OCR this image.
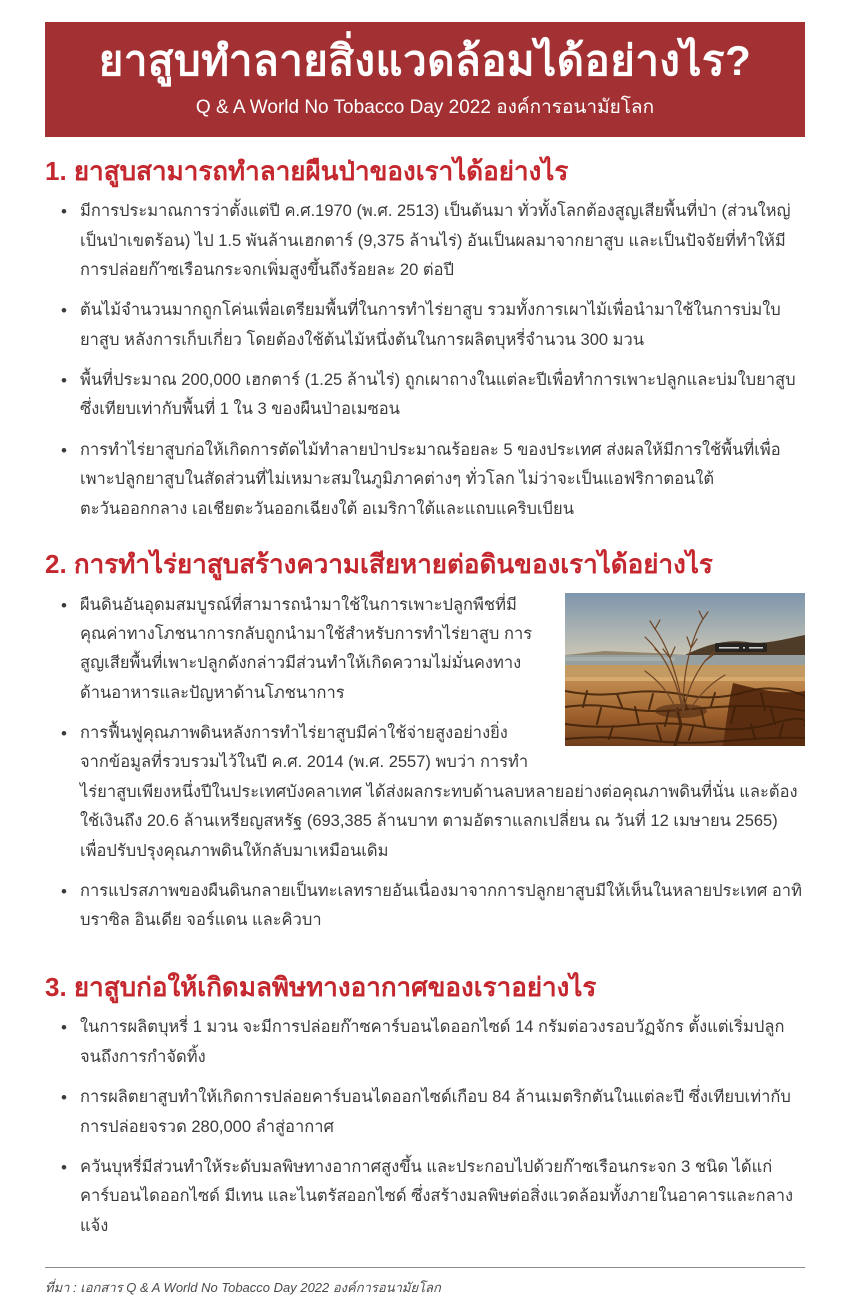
ยาสูบทำลายสิ่งแวดล้อมได้อย่างไร?
Q & A World No Tobacco Day 2022 องค์การอนามัยโลก
1. ยาสูบสามารถทำลายผืนป่าของเราได้อย่างไร
• มีการประมาณการว่าตั้งแต่ปี ค.ศ.1970 (พ.ศ. 2513) เป็นต้นมา ทั่วทั้งโลกต้องสูญเสียพื้นที่ป่า (ส่วนใหญ่เป็นป่าเขตร้อน) ไป 1.5 พันล้านเฮกตาร์ (9,375 ล้านไร่) อันเป็นผลมาจากยาสูบ และเป็นปัจจัยที่ทำให้มีการปล่อยก๊าซเรือนกระจกเพิ่มสูงขึ้นถึงร้อยละ 20 ต่อปี
• ต้นไม้จำนวนมากถูกโค่นเพื่อเตรียมพื้นที่ในการทำไร่ยาสูบ รวมทั้งการเผาไม้เพื่อนำมาใช้ในการบ่มใบยาสูบ หลังการเก็บเกี่ยว โดยต้องใช้ต้นไม้หนึ่งต้นในการผลิตบุหรี่จำนวน 300 มวน
• พื้นที่ประมาณ 200,000 เฮกตาร์ (1.25 ล้านไร่) ถูกเผาถางในแต่ละปีเพื่อทำการเพาะปลูกและบ่มใบยาสูบ ซึ่งเทียบเท่ากับพื้นที่ 1 ใน 3 ของผืนป่าอเมซอน
• การทำไร่ยาสูบก่อให้เกิดการตัดไม้ทำลายป่าประมาณร้อยละ 5 ของประเทศ ส่งผลให้มีการใช้พื้นที่เพื่อเพาะปลูกยาสูบในสัดส่วนที่ไม่เหมาะสมในภูมิภาคต่างๆ ทั่วโลก ไม่ว่าจะเป็นแอฟริกาตอนใต้ ตะวันออกกลาง เอเชียตะวันออกเฉียงใต้ อเมริกาใต้และแถบแคริบเบียน
2. การทำไร่ยาสูบสร้างความเสียหายต่อดินของเราได้อย่างไร
• ผืนดินอันอุดมสมบูรณ์ที่สามารถนำมาใช้ในการเพาะปลูกพืชที่มีคุณค่าทางโภชนาการกลับถูกนำมาใช้สำหรับการทำไร่ยาสูบ การสูญเสียพื้นที่เพาะปลูกดังกล่าวมีส่วนทำให้เกิดความไม่มั่นคงทางด้านอาหารและปัญหาด้านโภชนาการ
• การฟื้นฟูคุณภาพดินหลังการทำไร่ยาสูบมีค่าใช้จ่ายสูงอย่างยิ่ง จากข้อมูลที่รวบรวมไว้ในปี ค.ศ. 2014 (พ.ศ. 2557) พบว่า การทำไร่ยาสูบเพียงหนึ่งปีในประเทศบังคลาเทศ ได้ส่งผลกระทบด้านลบหลายอย่างต่อคุณภาพดินที่นั่น และต้องใช้เงินถึง 20.6 ล้านเหรียญสหรัฐ (693,385 ล้านบาท ตามอัตราแลกเปลี่ยน ณ วันที่ 12 เมษายน 2565) เพื่อปรับปรุงคุณภาพดินให้กลับมาเหมือนเดิม
• การแปรสภาพของผืนดินกลายเป็นทะเลทรายอันเนื่องมาจากการปลูกยาสูบมีให้เห็นในหลายประเทศ อาทิ บราซิล อินเดีย จอร์แดน และคิวบา
3. ยาสูบก่อให้เกิดมลพิษทางอากาศของเราอย่างไร
• ในการผลิตบุหรี่ 1 มวน จะมีการปล่อยก๊าซคาร์บอนไดออกไซด์ 14 กรัมต่อวงรอบวัฏจักร ตั้งแต่เริ่มปลูกจนถึงการกำจัดทิ้ง
• การผลิตยาสูบทำให้เกิดการปล่อยคาร์บอนไดออกไซด์เกือบ 84 ล้านเมตริกตันในแต่ละปี ซึ่งเทียบเท่ากับการปล่อยจรวด 280,000 ลำสู่อากาศ
• ควันบุหรี่มีส่วนทำให้ระดับมลพิษทางอากาศสูงขึ้น และประกอบไปด้วยก๊าซเรือนกระจก 3 ชนิด ได้แก่ คาร์บอนไดออกไซด์ มีเทน และไนตรัสออกไซด์ ซึ่งสร้างมลพิษต่อสิ่งแวดล้อมทั้งภายในอาคารและกลางแจ้ง

ที่มา : เอกสาร Q & A World No Tobacco Day 2022 องค์การอนามัยโลก
